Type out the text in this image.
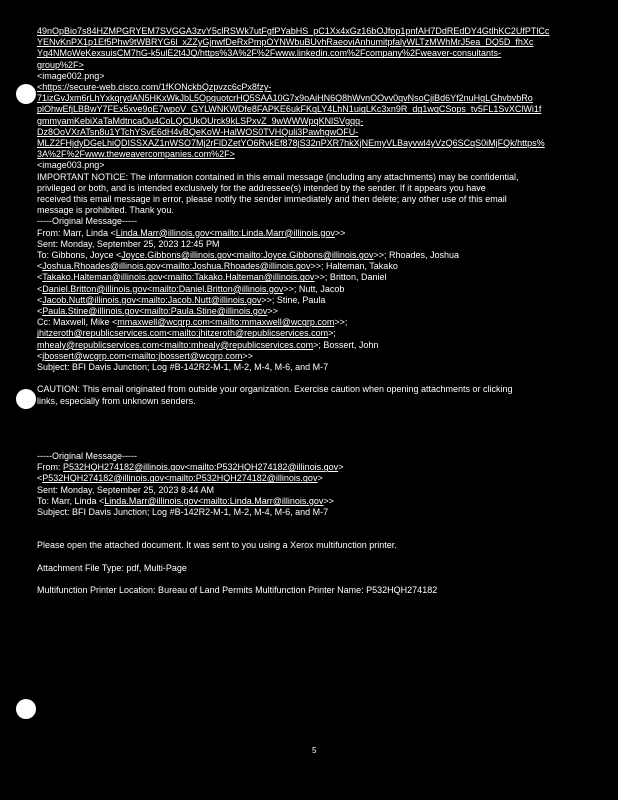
49nOpBio7s84HZMPGRYEM7SVGGA3zvY5clRSWk7utFgfPYabHS_pC1Xx4xGz16bOJfop1pnfAH7DdREdDY4GtlhKC2UfPTlCc
YENvKnPX1p1Ef5Phw9tWBRYG6l_xZZyGjnwfDeRxPmpOYNWbuBUvhRaeoviAnhumitpfalyWLTzMWhMrJ5ea_DQ5D_fhXc
Yg4NMoWeKexsuisCM7hG-k5ulE2t4JQ/https%3A%2F%2Fwww.linkedin.com%2Fcompany%2Fweaver-consultants-
group%2F>
<image002.png>
<https://secure-web.cisco.com/1fKONckbQzpvzc6cPx8fzy-
71izGvJxm6rLhYxkqrydAN5HKxWkJbL5OpguotcrHQ5SAA10G7x9oAiHN6Q8hWvnOOvv0qvNsoCjiBd6Yf2nuHgLGhvbvbRo
plOhwEfjLBBwY7FEx5xve9oE7wpoV_GYLWNKWDfe8FAPKE6ukFKqLY4LhN1uigLKc3xn9R_dg1wqCSops_tv5FL1SvXClWi1f
gmmyamKebiXaTaMdtncaOu4CoLQCUkOUrck9kLSPxvZ_9wWWWpqKNlSVgqq-
Dz8OoVXrATsn8u1YTchYSvE6dH4vBQeKoW-HalWOS0TVHQuli3PawhgwOFU-
MLZ2FHjdyDGeLhiQDISSXAZ1nWSO7Mj2rFlDZetYO6RvkEf878jS32nPXR7hkXjNEmyVLBayvwl4yVzQ6SCqS0iMjFQk/https%
3A%2F%2Fwww.theweavercompanies.com%2F>
<image003.png>
IMPORTANT NOTICE: The information contained in this email message (including any attachments) may be confidential,
privileged or both, and is intended exclusively for the addressee(s) intended by the sender. If it appears you have
received this email message in error, please notify the sender immediately and then delete; any other use of this email
message is prohibited. Thank you.
-----Original Message-----
From: Marr, Linda <Linda.Marr@illinois.gov<mailto:Linda.Marr@illinois.gov>>
Sent: Monday, September 25, 2023 12:45 PM
To: Gibbons, Joyce <Joyce.Gibbons@illinois.gov<mailto:Joyce.Gibbons@illinois.gov>>; Rhoades, Joshua
<Joshua.Rhoades@illinois.gov<mailto:Joshua.Rhoades@illinois.gov>>; Halteman, Takako
<Takako.Halteman@illinois.gov<mailto:Takako.Halteman@illinois.gov>>; Britton, Daniel
<Daniel.Britton@illinois.gov<mailto:Daniel.Britton@illinois.gov>>; Nutt, Jacob
<Jacob.Nutt@illinois.gov<mailto:Jacob.Nutt@illinois.gov>>; Stine, Paula
<Paula.Stine@illinois.gov<mailto:Paula.Stine@illinois.gov>>
Cc: Maxwell, Mike <mmaxwell@wcgrp.com<mailto:mmaxwell@wcgrp.com>>;
jhitzeroth@republicservices.com<mailto:jhitzeroth@republicservices.com>;
mhealy@republicservices.com<mailto:mhealy@republicservices.com>; Bossert, John
<jbossert@wcgrp.com<mailto:jbossert@wcgrp.com>>
Subject: BFI Davis Junction; Log #B-142R2-M-1, M-2, M-4, M-6, and M-7
CAUTION: This email originated from outside your organization. Exercise caution when opening attachments or clicking
links, especially from unknown senders.
-----Original Message-----
From: P532HQH274182@illinois.gov<mailto:P532HQH274182@illinois.gov>
<P532HQH274182@illinois.gov<mailto:P532HQH274182@illinois.gov>
Sent: Monday, September 25, 2023 8:44 AM
To: Marr, Linda <Linda.Marr@illinois.gov<mailto:Linda.Marr@illinois.gov>>
Subject: BFI Davis Junction; Log #B-142R2-M-1, M-2, M-4, M-6, and M-7
Please open the attached document. It was sent to you using a Xerox multifunction printer.
Attachment File Type: pdf, Multi-Page
Multifunction Printer Location: Bureau of Land Permits Multifunction Printer Name: P532HQH274182
5
